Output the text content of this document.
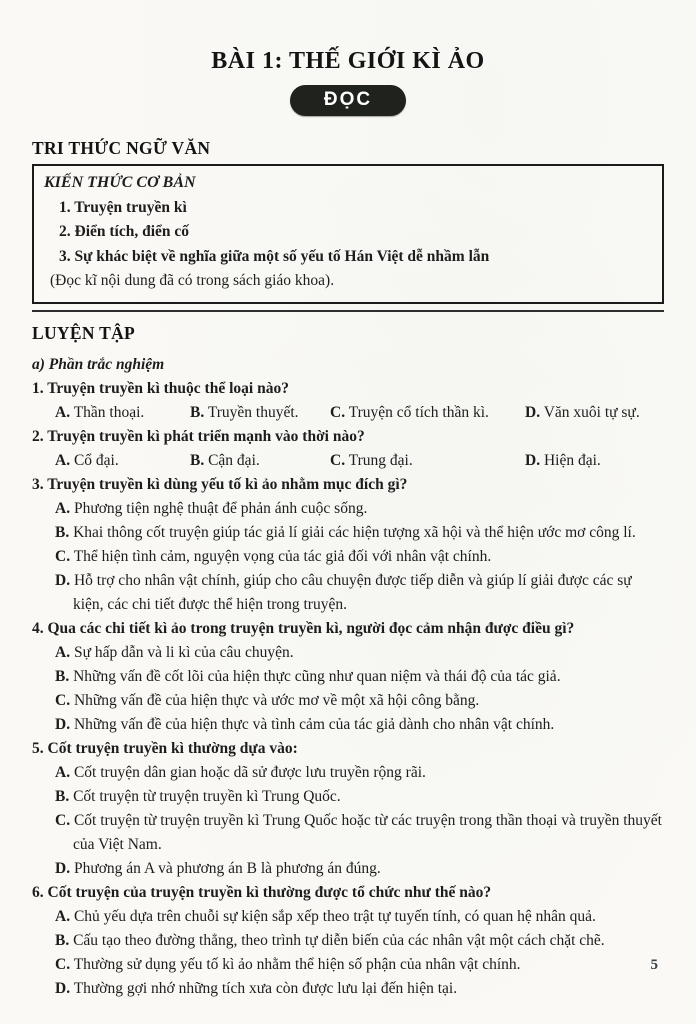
BÀI 1: THẾ GIỚI KÌ ẢO
ĐỌC
TRI THỨC NGỮ VĂN
KIẾN THỨC CƠ BẢN
1. Truyện truyền kì
2. Điển tích, điển cố
3. Sự khác biệt về nghĩa giữa một số yếu tố Hán Việt dễ nhầm lẫn
(Đọc kĩ nội dung đã có trong sách giáo khoa).
LUYỆN TẬP
a) Phần trắc nghiệm
1. Truyện truyền kì thuộc thể loại nào?
A. Thần thoại.	B. Truyền thuyết.	C. Truyện cổ tích thần kì.	D. Văn xuôi tự sự.
2. Truyện truyền kì phát triển mạnh vào thời nào?
A. Cổ đại.	B. Cận đại.	C. Trung đại.	D. Hiện đại.
3. Truyện truyền kì dùng yếu tố kì ảo nhằm mục đích gì?
A. Phương tiện nghệ thuật để phản ánh cuộc sống.
B. Khai thông cốt truyện giúp tác giả lí giải các hiện tượng xã hội và thể hiện ước mơ công lí.
C. Thể hiện tình cảm, nguyện vọng của tác giả đối với nhân vật chính.
D. Hỗ trợ cho nhân vật chính, giúp cho câu chuyện được tiếp diễn và giúp lí giải được các sự kiện, các chi tiết được thể hiện trong truyện.
4. Qua các chi tiết kì ảo trong truyện truyền kì, người đọc cảm nhận được điều gì?
A. Sự hấp dẫn và li kì của câu chuyện.
B. Những vấn đề cốt lõi của hiện thực cũng như quan niệm và thái độ của tác giả.
C. Những vấn đề của hiện thực và ước mơ về một xã hội công bằng.
D. Những vấn đề của hiện thực và tình cảm của tác giả dành cho nhân vật chính.
5. Cốt truyện truyền kì thường dựa vào:
A. Cốt truyện dân gian hoặc dã sử được lưu truyền rộng rãi.
B. Cốt truyện từ truyện truyền kì Trung Quốc.
C. Cốt truyện từ truyện truyền kì Trung Quốc hoặc từ các truyện trong thần thoại và truyền thuyết của Việt Nam.
D. Phương án A và phương án B là phương án đúng.
6. Cốt truyện của truyện truyền kì thường được tổ chức như thế nào?
A. Chủ yếu dựa trên chuỗi sự kiện sắp xếp theo trật tự tuyến tính, có quan hệ nhân quả.
B. Cấu tạo theo đường thẳng, theo trình tự diễn biến của các nhân vật một cách chặt chẽ.
C. Thường sử dụng yếu tố kì ảo nhằm thể hiện số phận của nhân vật chính.
D. Thường gợi nhớ những tích xưa còn được lưu lại đến hiện tại.
5
